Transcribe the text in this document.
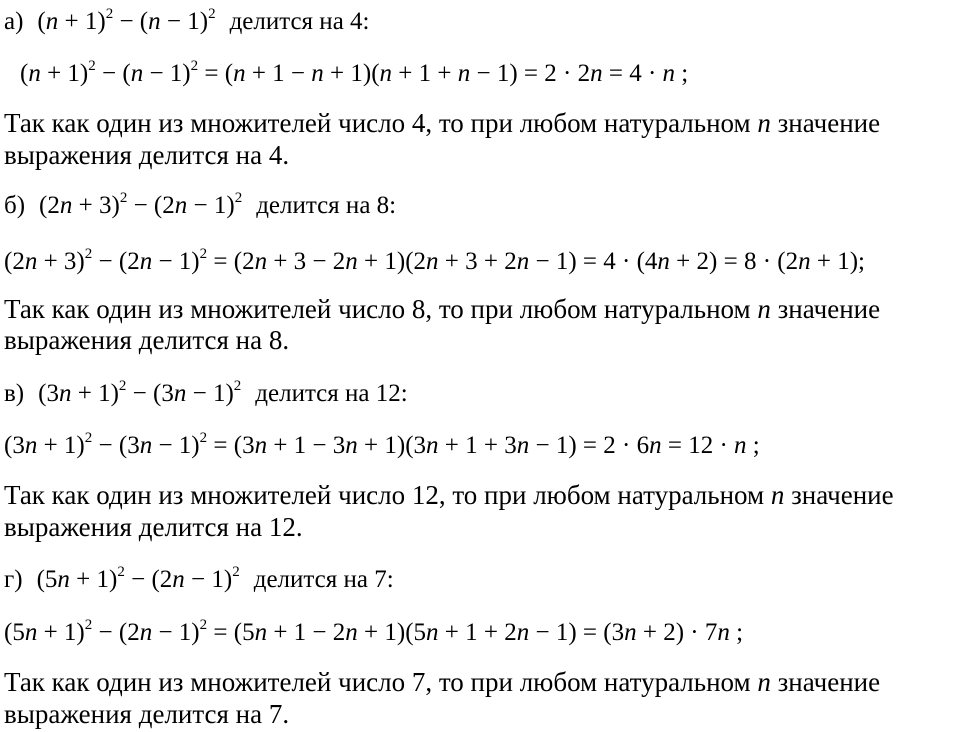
а) $(n + 1)^2 - (n - 1)^2$ делится на 4:
$(n + 1)^2 - (n - 1)^2 = (n + 1 - n + 1)(n + 1 + n - 1) = 2 \cdot 2n = 4 \cdot n$ ;
Так как один из множителей число 4, то при любом натуральном n значение
выражения делится на 4.
б) $(2n + 3)^2 - (2n - 1)^2$ делится на 8:
$(2n + 3)^2 - (2n - 1)^2 = (2n + 3 - 2n + 1)(2n + 3 + 2n - 1) = 4 \cdot (4n + 2) = 8 \cdot (2n + 1)$;
Так как один из множителей число 8, то при любом натуральном n значение
выражения делится на 8.
в) $(3n + 1)^2 - (3n - 1)^2$ делится на 12:
$(3n + 1)^2 - (3n - 1)^2 = (3n + 1 - 3n + 1)(3n + 1 + 3n - 1) = 2 \cdot 6n = 12 \cdot n$ ;
Так как один из множителей число 12, то при любом натуральном n значение
выражения делится на 12.
г) $(5n + 1)^2 - (2n - 1)^2$ делится на 7:
$(5n + 1)^2 - (2n - 1)^2 = (5n + 1 - 2n + 1)(5n + 1 + 2n - 1) = (3n + 2) \cdot 7n$ ;
Так как один из множителей число 7, то при любом натуральном n значение
выражения делится на 7.
